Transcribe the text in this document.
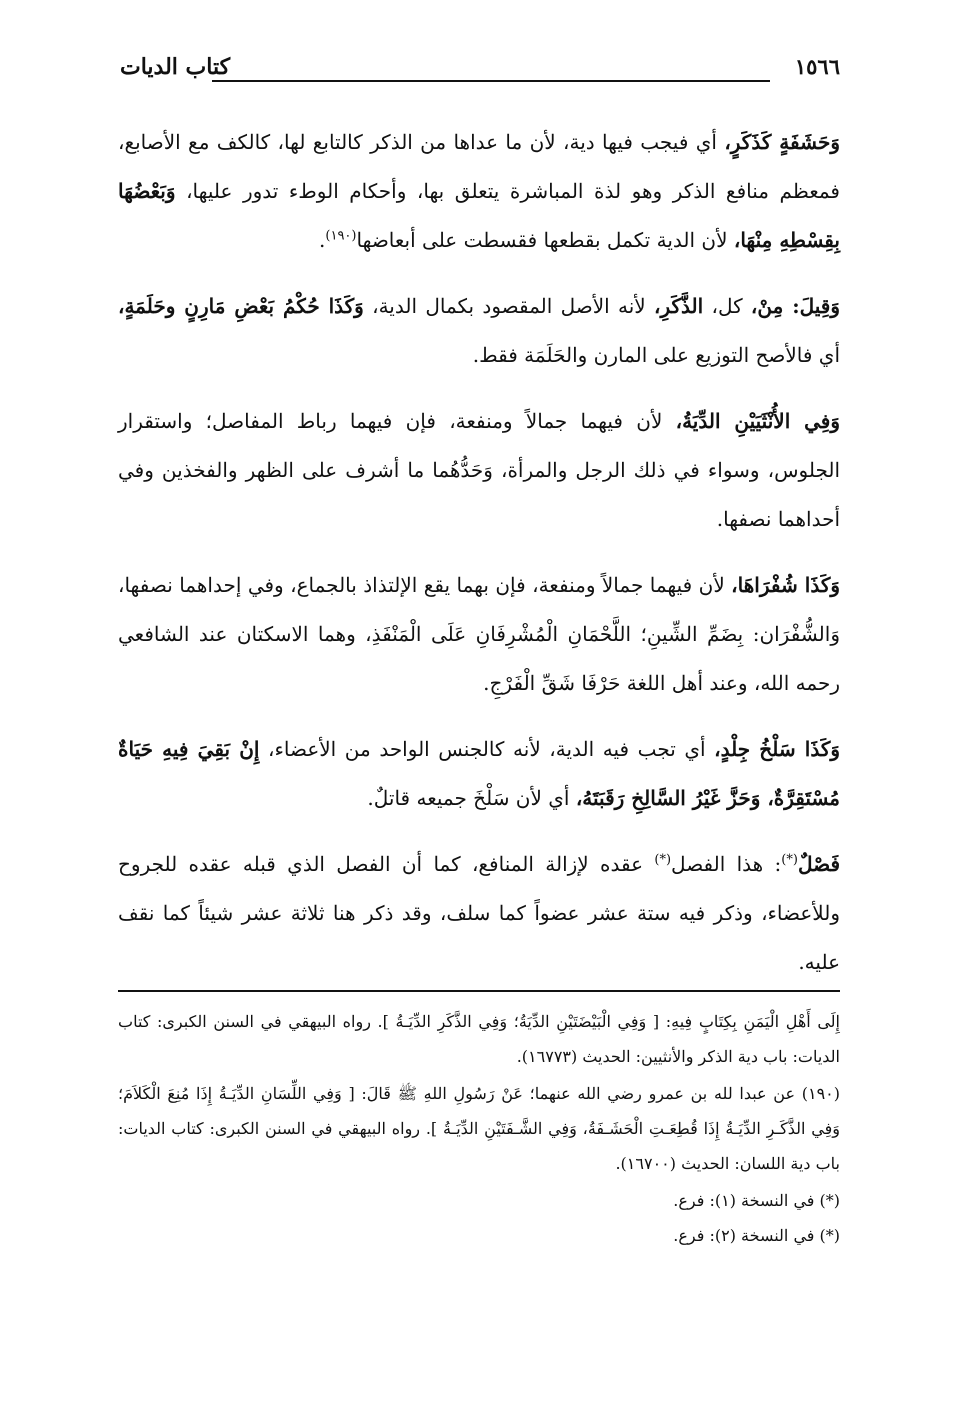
١٥٦٦
كتاب الديات

وَحَشَفَةٍ كَذَكَرٍ، أي فيجب فيها دية، لأن ما عداها من الذكر كالتابع لها، كالكف مع الأصابع، فمعظم منافع الذكر وهو لذة المباشرة يتعلق بها، وأحكام الوطء تدور عليها، وَبَعْضُهَا بِقِسْطِهِ مِنْهَا، لأن الدية تكمل بقطعها فقسطت على أبعاضها$^{(١٩٠)}$.

وَقِيلَ: مِنْ، كل، الذَّكَرِ، لأنه الأصل المقصود بكمال الدية، وَكَذَا حُكْمُ بَعْضِ مَارِنٍ وحَلَمَةٍ، أي فالأصح التوزيع على المارن والحَلَمَة فقط.

وَفِي الأُنْثَيَيْنِ الدِّيَةُ، لأن فيهما جمالاً ومنفعة، فإن فيهما رباط المفاصل؛ واستقرار الجلوس، وسواء في ذلك الرجل والمرأة، وَحَدُّهُما ما أشرف على الظهر والفخذين وفي أحداهما نصفها.

وَكَذَا شُفْرَاهَا، لأن فيهما جمالاً ومنفعة، فإن بهما يقع الإلتذاذ بالجماع، وفي إحداهما نصفها، وَالشُّفْرَان: بِضَمِّ الشِّينِ؛ اللَّحْمَانِ الْمُشْرِفَانِ عَلَى الْمَنْفَذِ، وهما الاسكتان عند الشافعي رحمه الله، وعند أهل اللغة حَرْفَا شَقِّ الْفَرْجِ.

وَكَذَا سَلْخُ جِلْدٍ، أي تجب فيه الدية، لأنه كالجنس الواحد من الأعضاء، إِنْ بَقِيَ فِيهِ حَيَاةٌ مُسْتَقِرَّةٌ، وَحَزَّ غَيْرُ السَّالِخِ رَقَبَتَهُ، أي لأن سَلْخَ جميعه قاتلٌ.

فَصْلٌ(*): هذا الفصل(*) عقده لإزالة المنافع، كما أن الفصل الذي قبله عقده للجروح وللأعضاء، وذكر فيه ستة عشر عضواً كما سلف، وقد ذكر هنا ثلاثة عشر شيئاً كما نقف عليه.

إِلَى أَهْلِ الْيَمَنِ بِكِتَابٍ فِيهِ: [ وَفِي الْبَيْضَتَيْنِ الدِّيَةُ؛ وَفِي الذَّكَرِ الدِّيَـةُ ]. رواه البيهقي في السنن الكبرى: كتاب الديات: باب دية الذكر والأنثيين: الحديث (١٦٧٧٣).

(١٩٠) عن عبدا لله بن عمرو رضي الله عنهما؛ عَنْ رَسُولِ اللهِ ﷺ قَالَ: [ وَفِي اللِّسَانِ الدِّيَـةُ إِذَا مُنِعَ الْكَلاَمَ؛ وَفِي الذَّكَـرِ الدِّيَـةُ إِذَا قُطِعَـتِ الْحَشَـفَةُ، وَفِي الشَّـفَتَيْنِ الدِّيَـةُ ]. رواه البيهقي في السنن الكبرى: كتاب الديات: باب دية اللسان: الحديث (١٦٧٠٠).

(*) في النسخة (١): فرع.

(*) في النسخة (٢): فرع.
